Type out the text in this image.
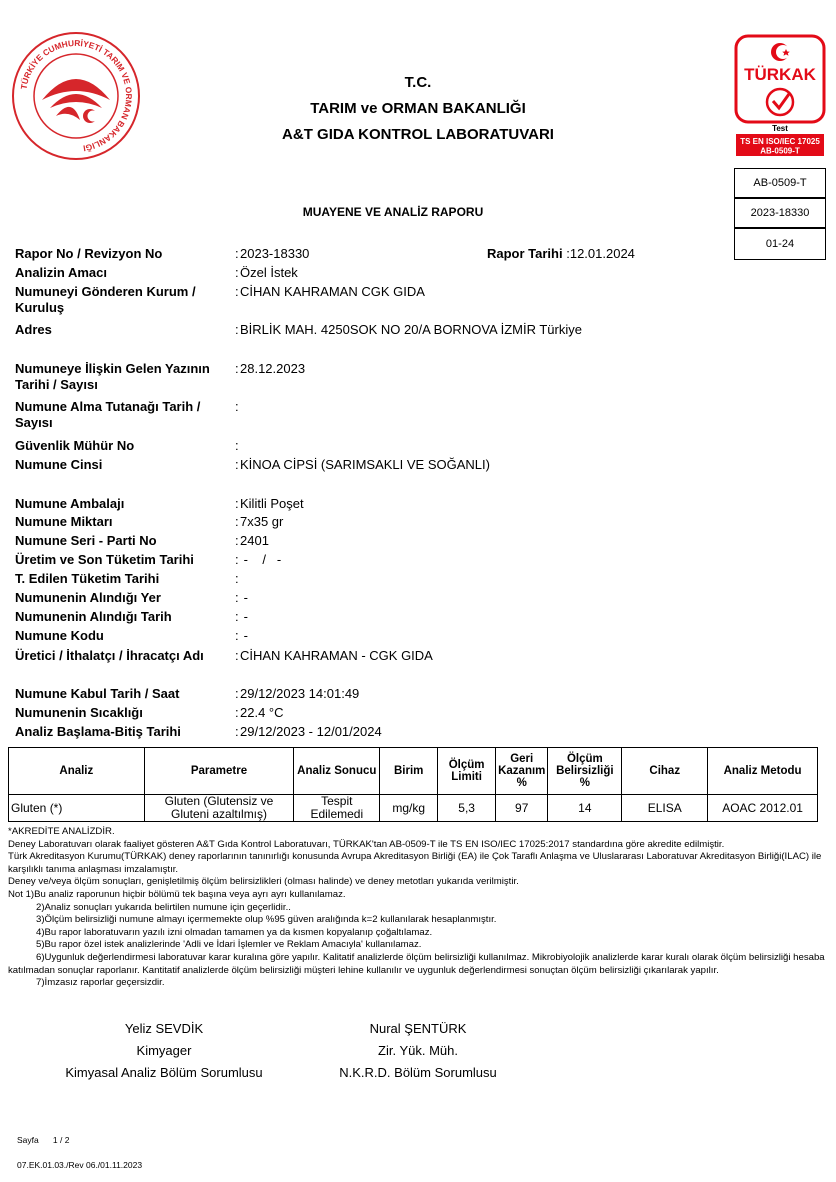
TÜRKİYE CUMHURİYETİ TARIM VE ORMAN BAKANLIĞI
T.C.
TARIM ve ORMAN BAKANLIĞI
A&T GIDA KONTROL LABORATUVARI
TÜRKAK
Test
TS EN ISO/IEC 17025
AB-0509-T
AB-0509-T
2023-18330
01-24
MUAYENE VE ANALİZ RAPORU
Rapor Tarihi :12.01.2024
Rapor No / Revizyon No	: 2023-18330
Analizin Amacı	: Özel İstek
Numuneyi Gönderen Kurum / Kuruluş
: CİHAN KAHRAMAN CGK GIDA
Adres	: BİRLİK MAH. 4250SOK NO 20/A BORNOVA İZMİR Türkiye
Numuneye İlişkin Gelen Yazının Tarihi / Sayısı
: 28.12.2023
Numune Alma Tutanağı Tarih / Sayısı
:
Güvenlik Mühür No	:
Numune Cinsi	: KİNOA CİPSİ (SARIMSAKLI VE SOĞANLI)
Numune Ambalajı	: Kilitli Poşet
Numune Miktarı	: 7x35 gr
Numune Seri - Parti No	: 2401
Üretim ve Son Tüketim Tarihi	: -    /   -
T. Edilen Tüketim Tarihi	:
Numunenin Alındığı Yer	: -
Numunenin Alındığı Tarih	: -
Numune Kodu	: -
Üretici / İthalatçı / İhracatçı Adı	: CİHAN KAHRAMAN - CGK GIDA
Numune Kabul Tarih / Saat	: 29/12/2023 14:01:49
Numunenin Sıcaklığı	: 22.4 °C
Analiz Başlama-Bitiş Tarihi	: 29/12/2023 - 12/01/2024
Analiz	Parametre	Analiz Sonucu	Birim	Ölçüm Limiti	Geri Kazanım %	Ölçüm Belirsizliği %	Cihaz	Analiz Metodu
Gluten (*)	Gluten (Glutensiz ve Gluteni azaltılmış)	Tespit Edilemedi	mg/kg	5,3	97	14	ELISA	AOAC 2012.01

*AKREDİTE ANALİZDİR.

Deney Laboratuvarı olarak faaliyet gösteren A&T Gıda Kontrol Laboratuvarı, TÜRKAK'tan AB-0509-T ile TS EN ISO/IEC 17025:2017 standardına göre akredite edilmiştir.

Türk Akreditasyon Kurumu(TÜRKAK) deney raporlarının tanınırlığı konusunda Avrupa Akreditasyon Birliği (EA) ile Çok Taraflı Anlaşma ve Uluslararası Laboratuvar Akreditasyon Birliği(ILAC) ile karşılıklı tanıma anlaşması imzalamıştır.

Deney ve/veya ölçüm sonuçları, genişletilmiş ölçüm belirsizlikleri (olması halinde) ve deney metotları yukarıda verilmiştir.

Not 1)Bu analiz raporunun hiçbir bölümü tek başına veya ayrı ayrı kullanılamaz.

2)Analiz sonuçları yukarıda belirtilen numune için geçerlidir..

3)Ölçüm belirsizliği numune almayı içermemekte olup %95 güven aralığında k=2 kullanılarak hesaplanmıştır.

4)Bu rapor laboratuvarın yazılı izni olmadan tamamen ya da kısmen kopyalanıp çoğaltılamaz.

5)Bu rapor özel istek analizlerinde 'Adli ve İdari İşlemler ve Reklam Amacıyla' kullanılamaz.

6)Uygunluk değerlendirmesi laboratuvar karar kuralına göre yapılır. Kalitatif analizlerde ölçüm belirsizliği kullanılmaz. Mikrobiyolojik analizlerde karar kuralı olarak ölçüm belirsizliği hesaba katılmadan sonuçlar raporlanır. Kantitatif analizlerde ölçüm belirsizliği müşteri lehine kullanılır ve uygunluk değerlendirmesi sonuçtan ölçüm belirsizliği çıkarılarak yapılır.

7)İmzasız raporlar geçersizdir.

Yeliz SEVDİK
Kimyager
Kimyasal Analiz Bölüm Sorumlusu
Nural ŞENTÜRK
Zir. Yük. Müh.
N.K.R.D. Bölüm Sorumlusu
Sayfa 1 / 2
07.EK.01.03./Rev 06./01.11.2023
